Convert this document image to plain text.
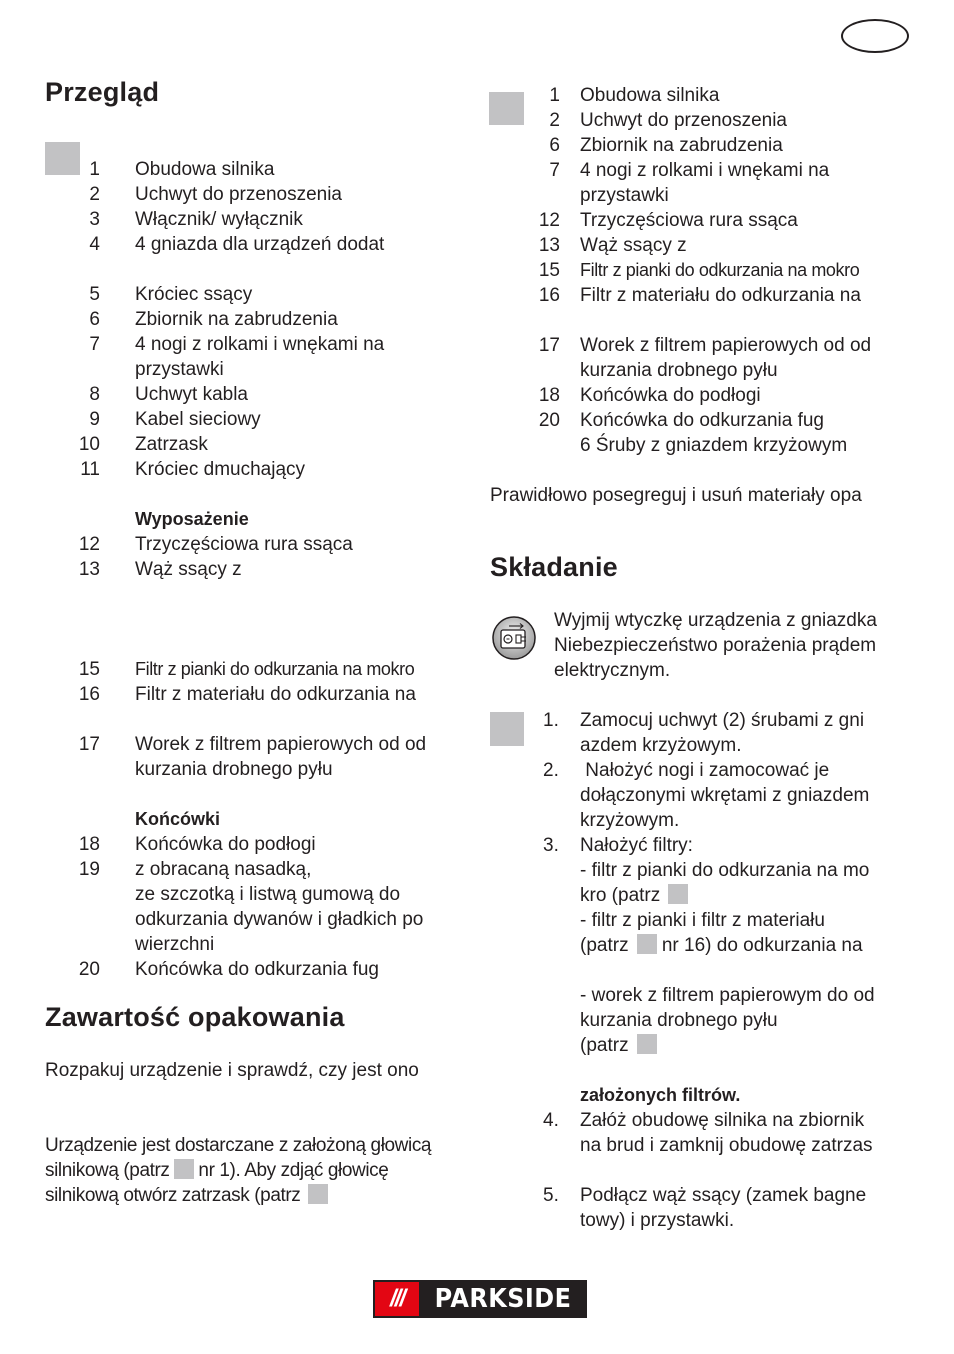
Przegląd
1 Obudowa silnika
2 Uchwyt do przenoszenia
3 Włącznik/ wyłącznik
4 4 gniazda dla urządzeń dodat
5 Króciec ssący
6 Zbiornik na zabrudzenia
7 4 nogi z rolkami i wnękami na
przystawki
8 Uchwyt kabla
9 Kabel sieciowy
10 Zatrzask
11 Króciec dmuchający
Wyposażenie
12 Trzyczęściowa rura ssąca
13 Wąż ssący z
15 Filtr z pianki do odkurzania na mokro
16 Filtr z materiału do odkurzania na
17 Worek z filtrem papierowych od od
kurzania drobnego pyłu
Końcówki
18 Końcówka do podłogi
19 z obracaną nasadką,
ze szczotką i listwą gumową do
odkurzania dywanów i gładkich po
wierzchni
20 Końcówka do odkurzania fug
Zawartość opakowania
Rozpakuj urządzenie i sprawdź, czy jest ono
Urządzenie jest dostarczane z założoną głowicą
silnikową (patrz nr 1). Aby zdjąć głowicę
silnikową otwórz zatrzask (patrz
1 Obudowa silnika
2 Uchwyt do przenoszenia
6 Zbiornik na zabrudzenia
7 4 nogi z rolkami i wnękami na
przystawki
12 Trzyczęściowa rura ssąca
13 Wąż ssący z
15 Filtr z pianki do odkurzania na mokro
16 Filtr z materiału do odkurzania na
17 Worek z filtrem papierowych od od
kurzania drobnego pyłu
18 Końcówka do podłogi
20 Końcówka do odkurzania fug
6 Śruby z gniazdem krzyżowym
Prawidłowo posegreguj i usuń materiały opa
Składanie
Wyjmij wtyczkę urządzenia z gniazdka
Niebezpieczeństwo porażenia prądem
elektrycznym.
1.	Zamocuj uchwyt (2) śrubami z gni
azdem krzyżowym.
2.	Nałożyć nogi i zamocować je
dołączonymi wkrętami z gniazdem
krzyżowym.
3.	Nałożyć filtry:
- filtr z pianki do odkurzania na mo
kro (patrz
- filtr z pianki i filtr z materiału
(patrz nr 16) do odkurzania na
- worek z filtrem papierowym do od
kurzania drobnego pyłu
(patrz
założonych filtrów.
4.	Załóż obudowę silnika na zbiornik
na brud i zamknij obudowę zatrzas
5.	Podłącz wąż ssący (zamek bagne
towy) i przystawki.
///	PARKSIDE
